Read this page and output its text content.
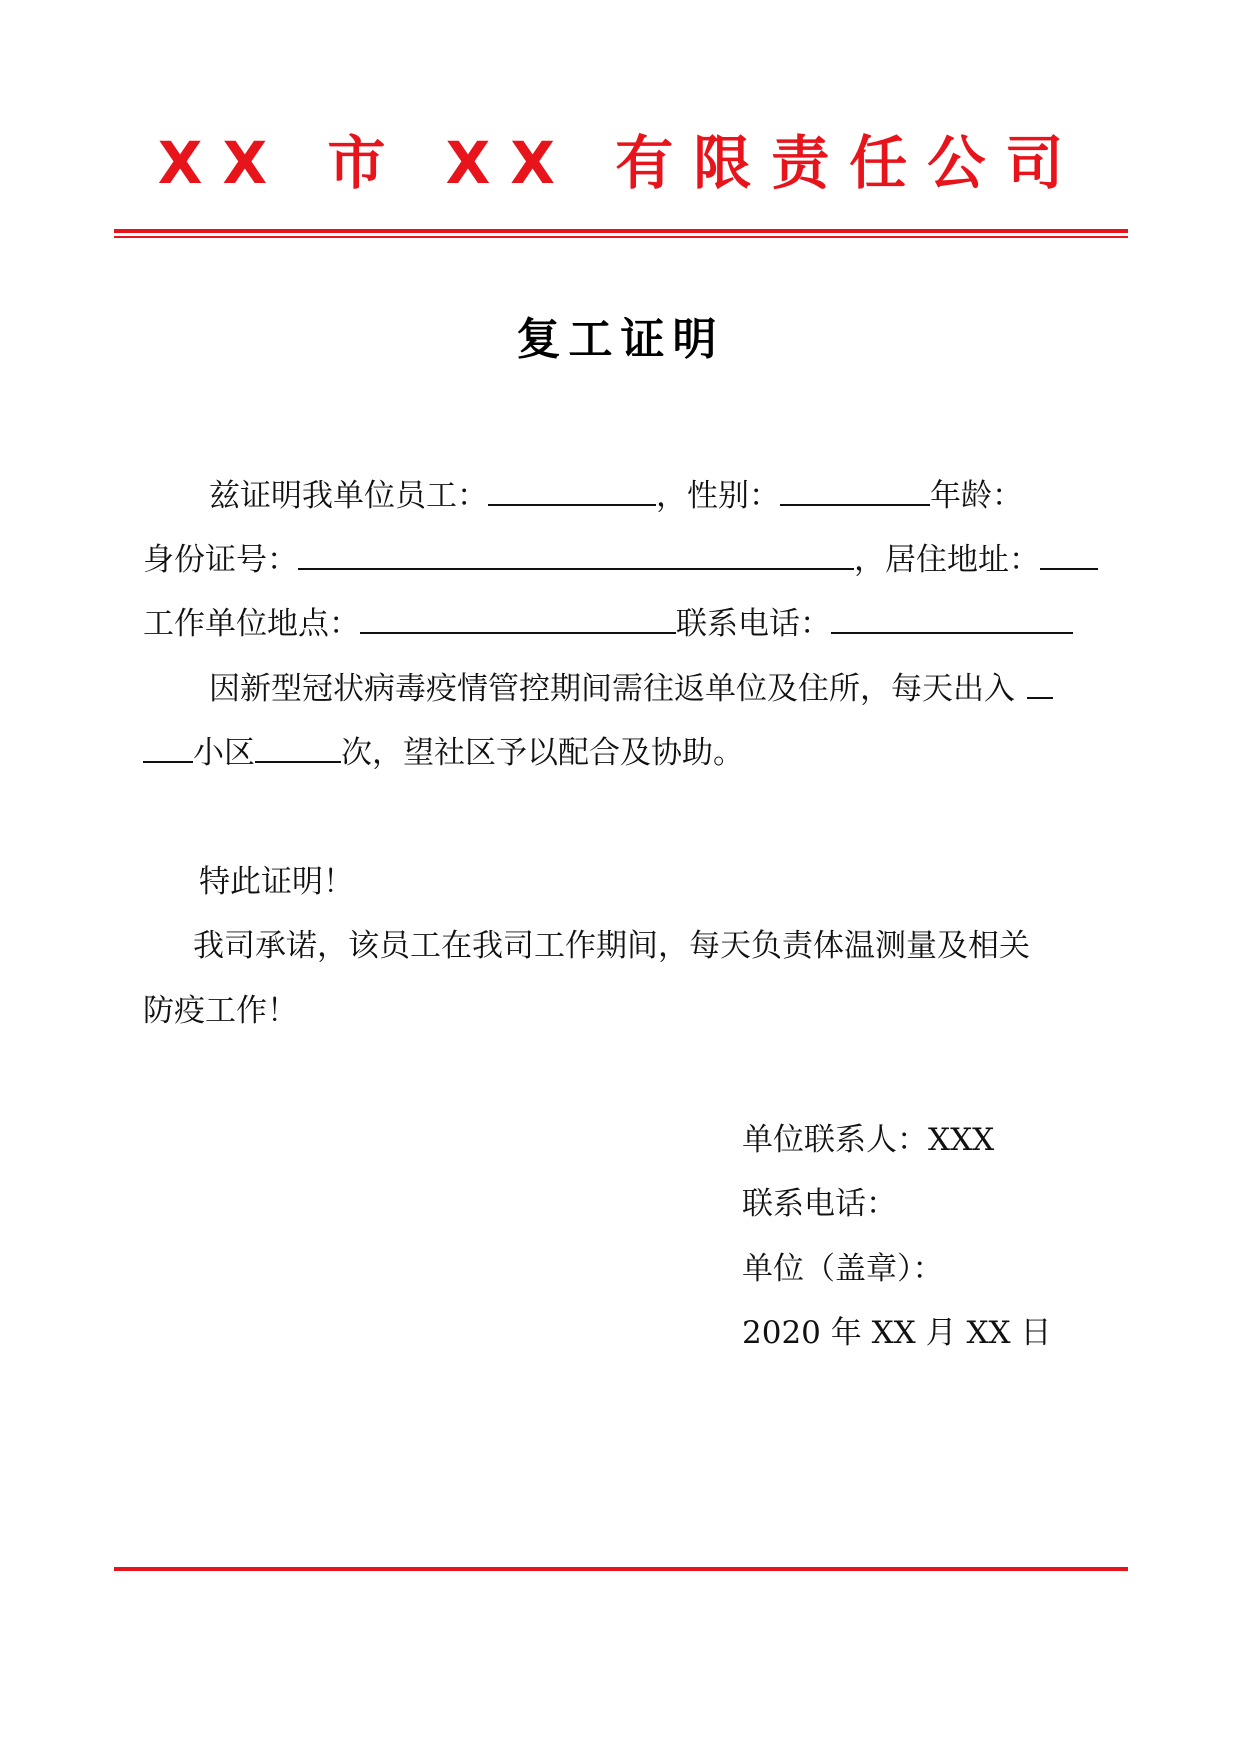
XX 市 XX 有限责任公司
复工证明
兹证明我单位员工：	，性别：	年龄：
身份证号：	，居住地址：
工作单位地点：	联系电话：
因新型冠状病毒疫情管控期间需往返单位及住所，每天出入
小区	次，望社区予以配合及协助。
特此证明！
我司承诺，该员工在我司工作期间，每天负责体温测量及相关
防疫工作！
单位联系人：XXX
联系电话：
单位（盖章）：
2020 年 XX 月 XX 日
